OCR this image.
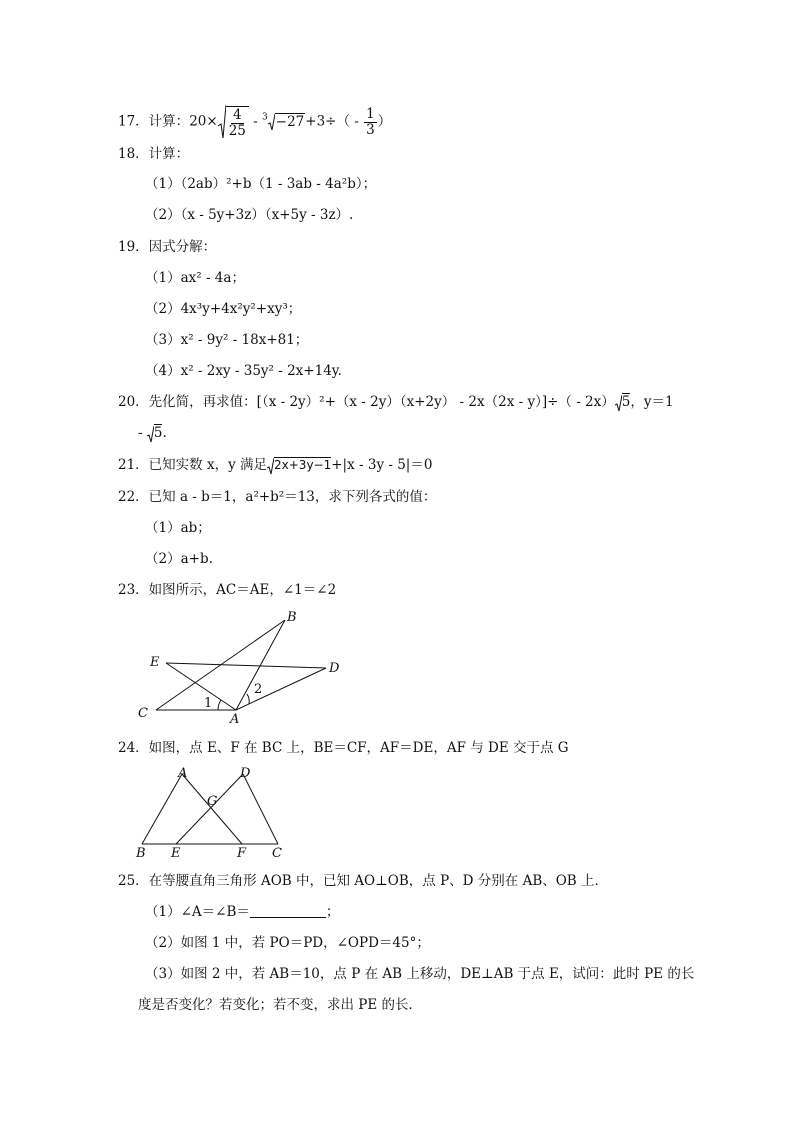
17．计算：$20\times \frac{4}{25} - ^3 -27+3\div( - \frac{1}{3}$ ）
18．计算：
（1）（2ab）²+b（1 - 3ab - 4a²b）；
（2）（x - 5y+3z）（x+5y - 3z）.
19．因式分解：
（1）ax² - 4a；
（2）4x³y+4x²y²+xy³；
（3）x² - 9y² - 18x+81；
（4）x² - 2xy - 35y² - 2x+14y.
20．先化简，再求值：[（x - 2y）²+（x - 2y）（x+2y） - 2x（2x - y）]÷（ - 2x） 5，y＝1
- 5.
21．已知实数 x，y 满足 2x+3y−1+|x - 3y - 5|＝0
22．已知 a - b＝1，a²+b²＝13，求下列各式的值：
（1）ab；
（2）a+b.
23．如图所示，AC＝AE，∠1＝∠2
B
E	D
C	A
1
2
24．如图，点 E、F 在 BC 上，BE＝CF，AF＝DE，AF 与 DE 交于点 G
A	D
G
B E	F C
25．在等腰直角三角形 AOB 中，已知 AO⊥OB，点 P、D 分别在 AB、OB 上．
（1）∠A＝∠B＝	；
（2）如图 1 中，若 PO＝PD，∠OPD＝45°；
（3）如图 2 中，若 AB＝10，点 P 在 AB 上移动，DE⊥AB 于点 E，试问：此时 PE 的长
度是否变化？若变化；若不变，求出 PE 的长．
